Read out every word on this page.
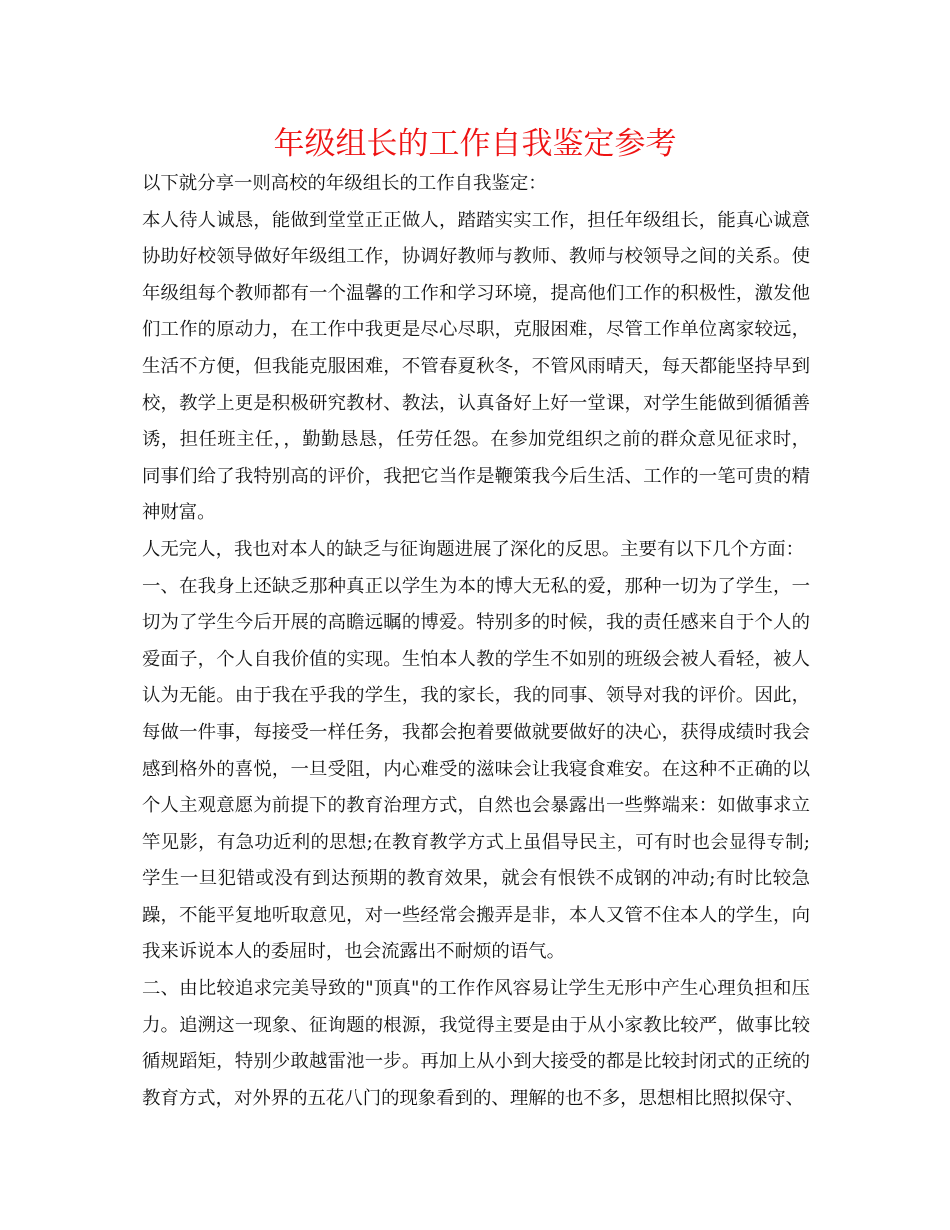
年级组长的工作自我鉴定参考

以下就分享一则高校的年级组长的工作自我鉴定：

本人待人诚恳，能做到堂堂正正做人，踏踏实实工作，担任年级组长，能真心诚意协助好校领导做好年级组工作，协调好教师与教师、教师与校领导之间的关系。使年级组每个教师都有一个温馨的工作和学习环境，提高他们工作的积极性，激发他们工作的原动力，在工作中我更是尽心尽职，克服困难，尽管工作单位离家较远，生活不方便，但我能克服困难，不管春夏秋冬，不管风雨晴天，每天都能坚持早到校，教学上更是积极研究教材、教法，认真备好上好一堂课，对学生能做到循循善诱，担任班主任，，勤勤恳恳，任劳任怨。在参加党组织之前的群众意见征求时，同事们给了我特别高的评价，我把它当作是鞭策我今后生活、工作的一笔可贵的精神财富。

人无完人，我也对本人的缺乏与征询题进展了深化的反思。主要有以下几个方面：

一、在我身上还缺乏那种真正以学生为本的博大无私的爱，那种一切为了学生，一切为了学生今后开展的高瞻远瞩的博爱。特别多的时候，我的责任感来自于个人的爱面子，个人自我价值的实现。生怕本人教的学生不如别的班级会被人看轻，被人认为无能。由于我在乎我的学生，我的家长，我的同事、领导对我的评价。因此，每做一件事，每接受一样任务，我都会抱着要做就要做好的决心，获得成绩时我会感到格外的喜悦，一旦受阻，内心难受的滋味会让我寝食难安。在这种不正确的以个人主观意愿为前提下的教育治理方式，自然也会暴露出一些弊端来：如做事求立竿见影，有急功近利的思想;在教育教学方式上虽倡导民主，可有时也会显得专制;学生一旦犯错或没有到达预期的教育效果，就会有恨铁不成钢的冲动;有时比较急躁，不能平复地听取意见，对一些经常会搬弄是非，本人又管不住本人的学生，向我来诉说本人的委屈时，也会流露出不耐烦的语气。

二、由比较追求完美导致的"顶真"的工作作风容易让学生无形中产生心理负担和压力。追溯这一现象、征询题的根源，我觉得主要是由于从小家教比较严，做事比较循规蹈矩，特别少敢越雷池一步。再加上从小到大接受的都是比较封闭式的正统的教育方式，对外界的五花八门的现象看到的、理解的也不多，思想相比照拟保守、
